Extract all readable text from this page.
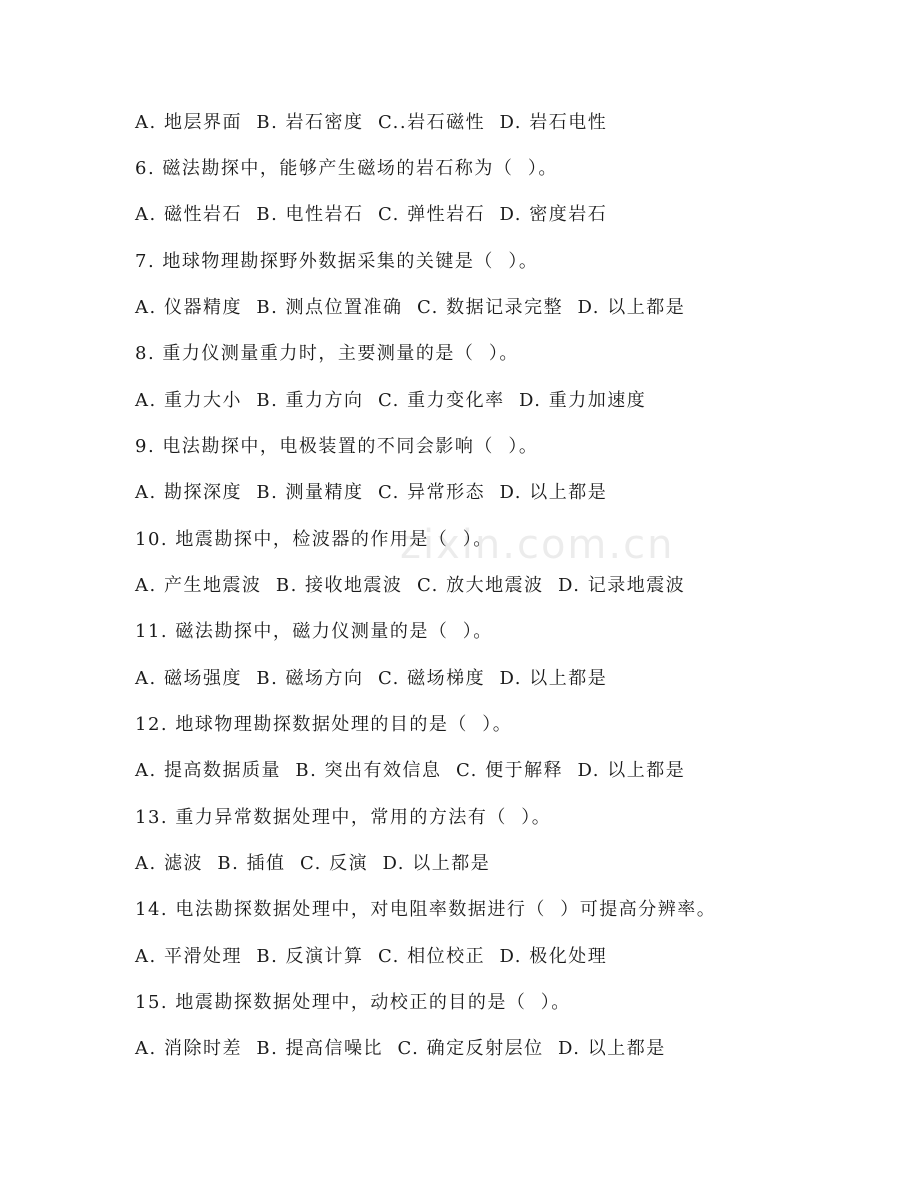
zixin.com.cn
A. 地层界面  B. 岩石密度  C..岩石磁性  D. 岩石电性
6. 磁法勘探中，能够产生磁场的岩石称为（  ）。
A. 磁性岩石  B. 电性岩石  C. 弹性岩石  D. 密度岩石
7. 地球物理勘探野外数据采集的关键是（  ）。
A. 仪器精度  B. 测点位置准确  C. 数据记录完整  D. 以上都是
8. 重力仪测量重力时，主要测量的是（  ）。
A. 重力大小  B. 重力方向  C. 重力变化率  D. 重力加速度
9. 电法勘探中，电极装置的不同会影响（  ）。
A. 勘探深度  B. 测量精度  C. 异常形态  D. 以上都是
10. 地震勘探中，检波器的作用是（  ）。
A. 产生地震波  B. 接收地震波  C. 放大地震波  D. 记录地震波
11. 磁法勘探中，磁力仪测量的是（  ）。
A. 磁场强度  B. 磁场方向  C. 磁场梯度  D. 以上都是
12. 地球物理勘探数据处理的目的是（  ）。
A. 提高数据质量  B. 突出有效信息  C. 便于解释  D. 以上都是
13. 重力异常数据处理中，常用的方法有（  ）。
A. 滤波  B. 插值  C. 反演  D. 以上都是
14. 电法勘探数据处理中，对电阻率数据进行（  ）可提高分辨率。
A. 平滑处理  B. 反演计算  C. 相位校正  D. 极化处理
15. 地震勘探数据处理中，动校正的目的是（  ）。
A. 消除时差  B. 提高信噪比  C. 确定反射层位  D. 以上都是
